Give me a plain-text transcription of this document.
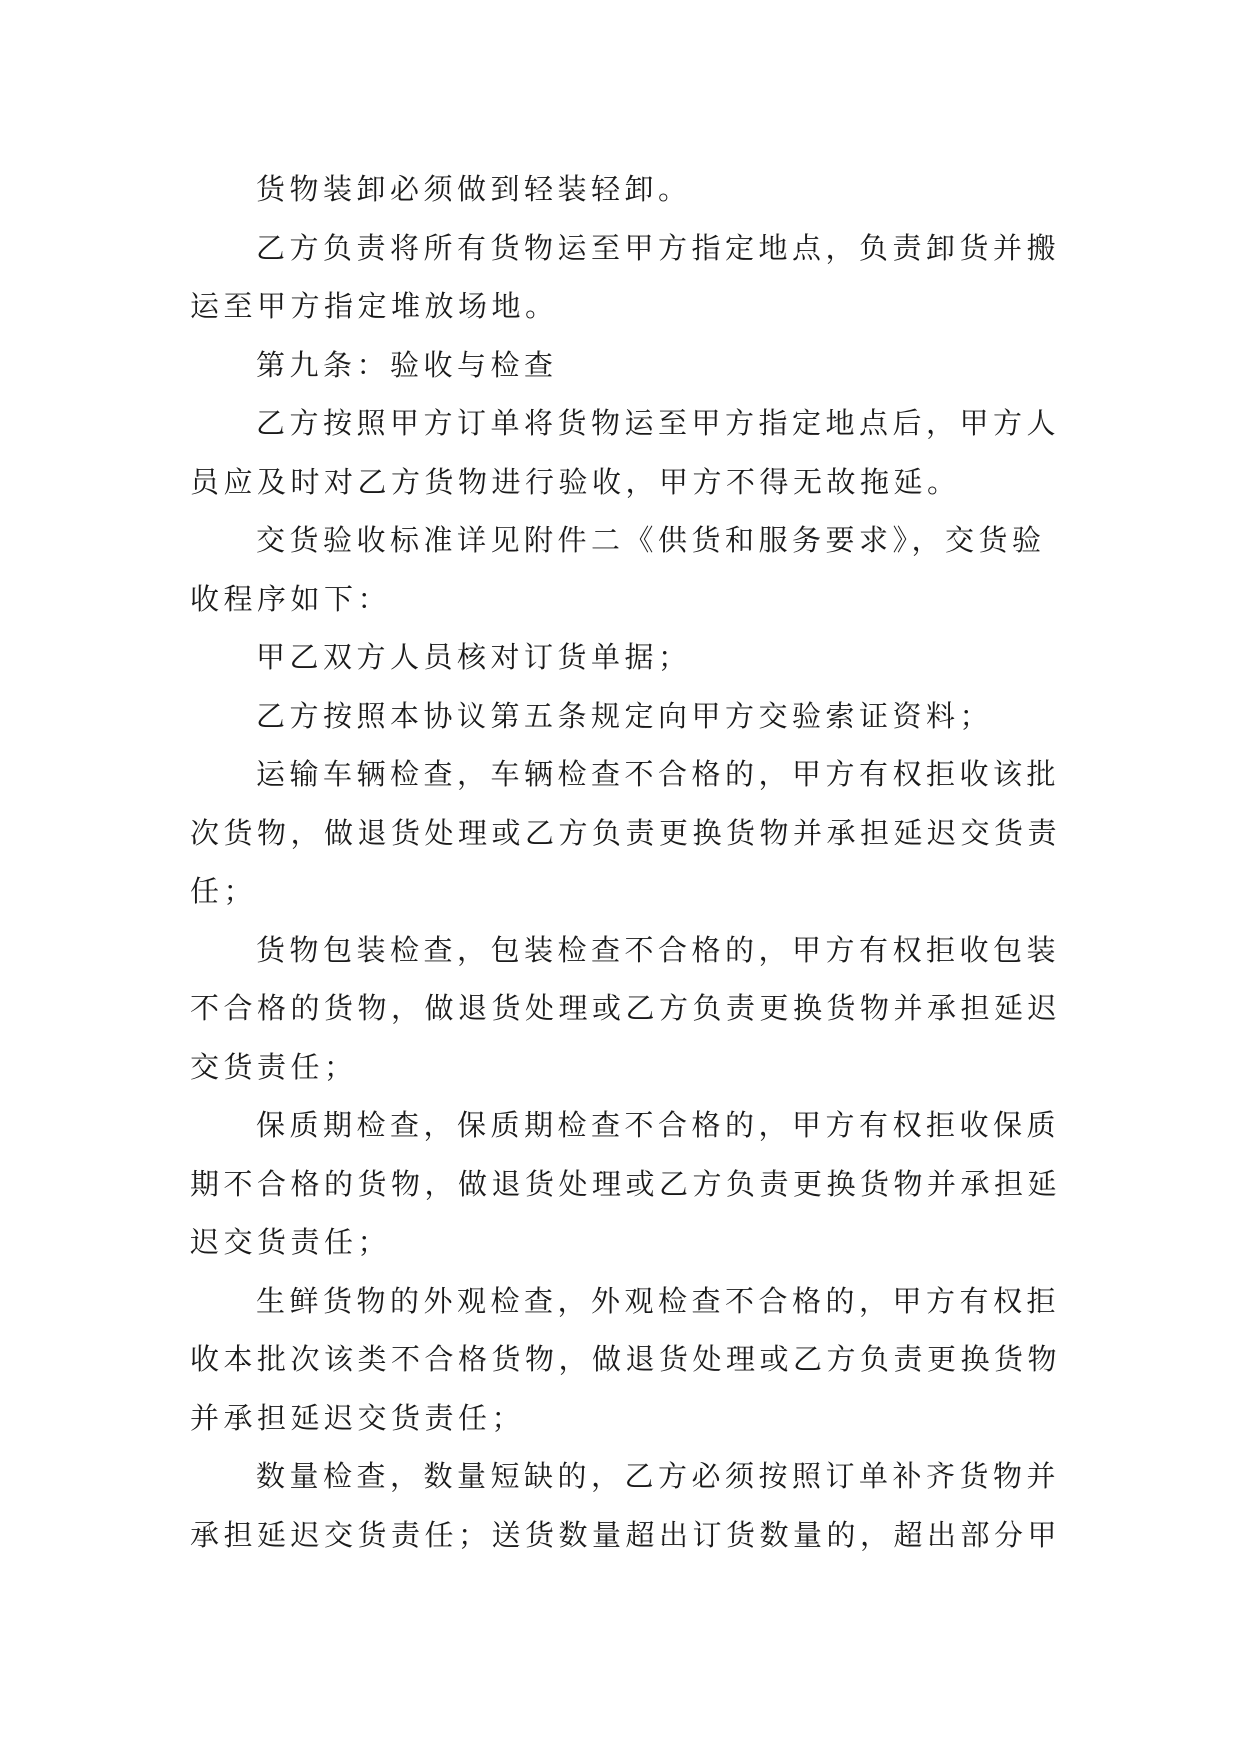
货物装卸必须做到轻装轻卸。
乙方负责将所有货物运至甲方指定地点，负责卸货并搬
运至甲方指定堆放场地。
第九条：验收与检查
乙方按照甲方订单将货物运至甲方指定地点后，甲方人
员应及时对乙方货物进行验收，甲方不得无故拖延。
交货验收标准详见附件二《供货和服务要求》，交货验
收程序如下：
甲乙双方人员核对订货单据；
乙方按照本协议第五条规定向甲方交验索证资料；
运输车辆检查，车辆检查不合格的，甲方有权拒收该批
次货物，做退货处理或乙方负责更换货物并承担延迟交货责
任；
货物包装检查，包装检查不合格的，甲方有权拒收包装
不合格的货物，做退货处理或乙方负责更换货物并承担延迟
交货责任；
保质期检查，保质期检查不合格的，甲方有权拒收保质
期不合格的货物，做退货处理或乙方负责更换货物并承担延
迟交货责任；
生鲜货物的外观检查，外观检查不合格的，甲方有权拒
收本批次该类不合格货物，做退货处理或乙方负责更换货物
并承担延迟交货责任；
数量检查，数量短缺的，乙方必须按照订单补齐货物并
承担延迟交货责任；送货数量超出订货数量的，超出部分甲
